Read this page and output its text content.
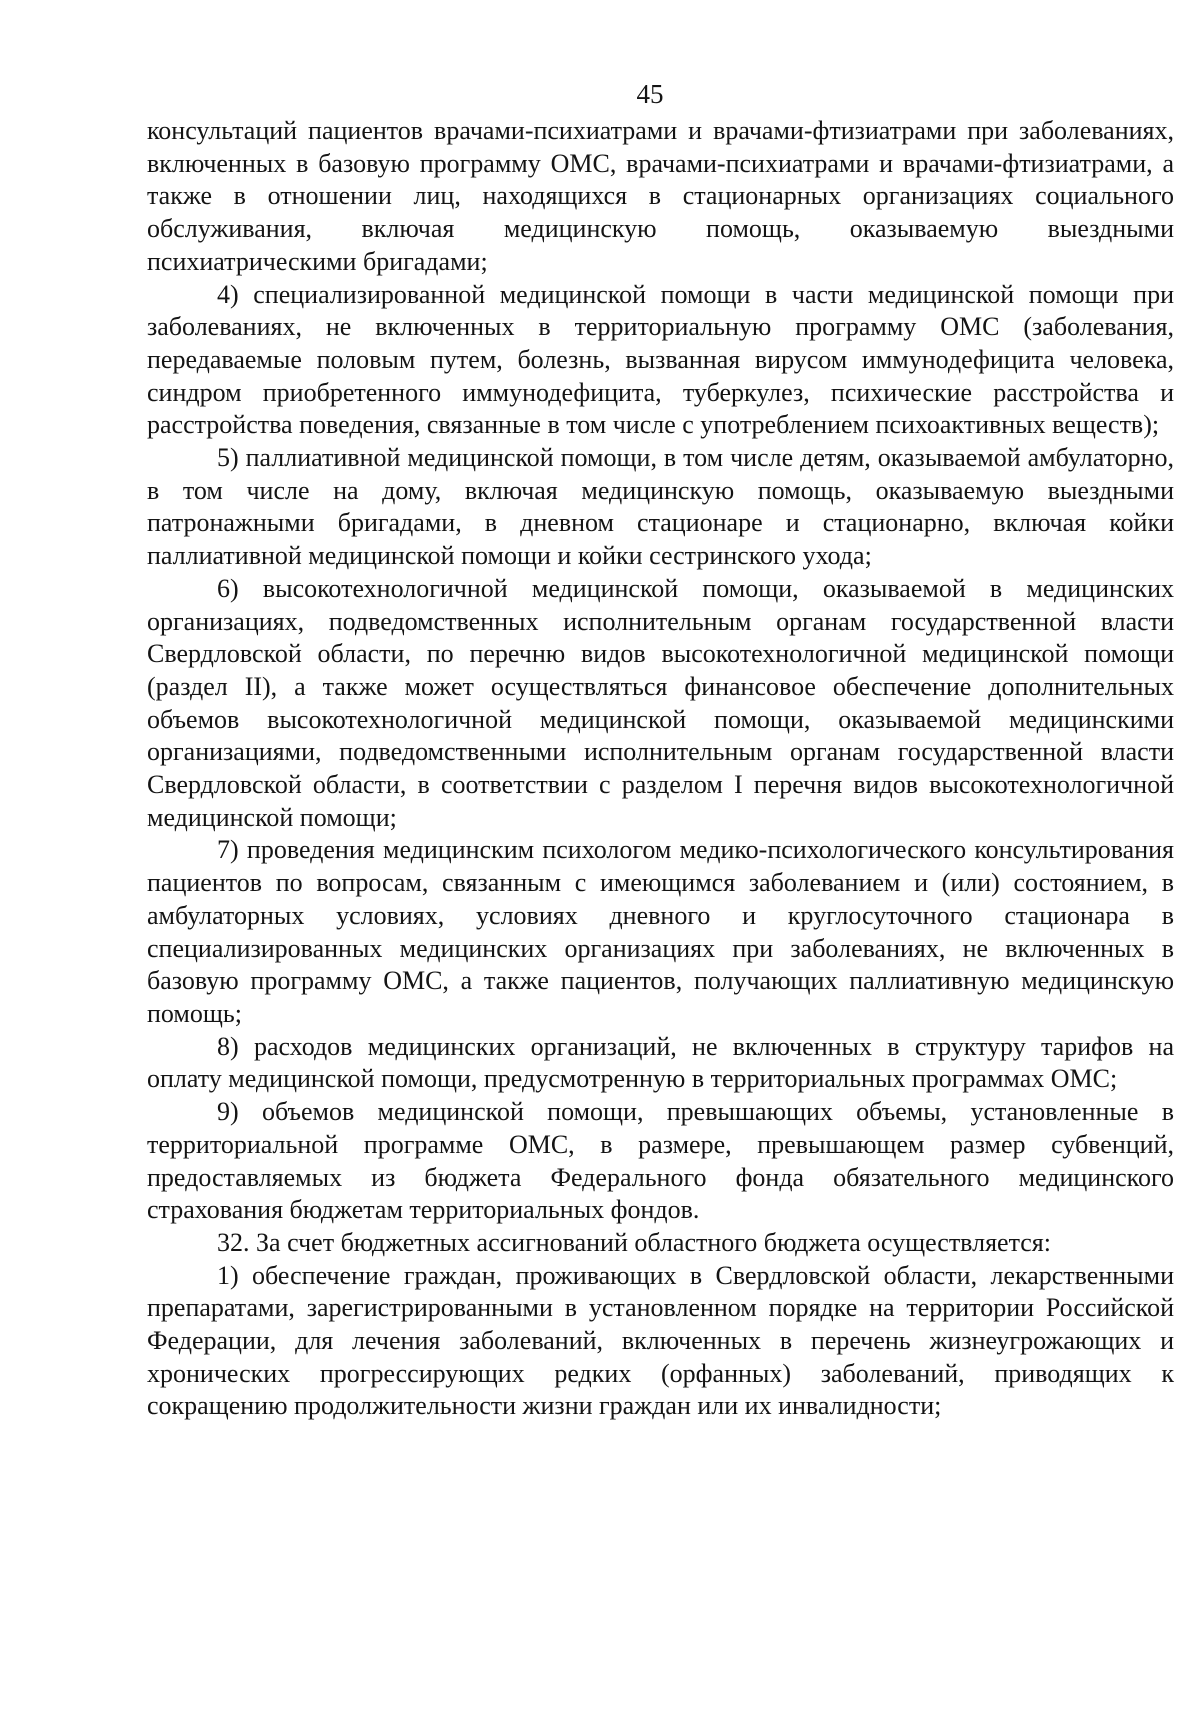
45

консультаций пациентов врачами-психиатрами и врачами-фтизиатрами при заболеваниях, включенных в базовую программу ОМС, врачами-психиатрами и врачами-фтизиатрами, а также в отношении лиц, находящихся в стационарных организациях социального обслуживания, включая медицинскую помощь, оказываемую выездными психиатрическими бригадами;

4) специализированной медицинской помощи в части медицинской помощи при заболеваниях, не включенных в территориальную программу ОМС (заболевания, передаваемые половым путем, болезнь, вызванная вирусом иммунодефицита человека, синдром приобретенного иммунодефицита, туберкулез, психические расстройства и расстройства поведения, связанные в том числе с употреблением психоактивных веществ);

5) паллиативной медицинской помощи, в том числе детям, оказываемой амбулаторно, в том числе на дому, включая медицинскую помощь, оказываемую выездными патронажными бригадами, в дневном стационаре и стационарно, включая койки паллиативной медицинской помощи и койки сестринского ухода;

6) высокотехнологичной медицинской помощи, оказываемой в медицинских организациях, подведомственных исполнительным органам государственной власти Свердловской области, по перечню видов высокотехнологичной медицинской помощи (раздел II), а также может осуществляться финансовое обеспечение дополнительных объемов высокотехнологичной медицинской помощи, оказываемой медицинскими организациями, подведомственными исполнительным органам государственной власти Свердловской области, в соответствии с разделом I перечня видов высокотехнологичной медицинской помощи;

7) проведения медицинским психологом медико-психологического консультирования пациентов по вопросам, связанным с имеющимся заболеванием и (или) состоянием, в амбулаторных условиях, условиях дневного и круглосуточного стационара в специализированных медицинских организациях при заболеваниях, не включенных в базовую программу ОМС, а также пациентов, получающих паллиативную медицинскую помощь;

8) расходов медицинских организаций, не включенных в структуру тарифов на оплату медицинской помощи, предусмотренную в территориальных программах ОМС;

9) объемов медицинской помощи, превышающих объемы, установленные в территориальной программе ОМС, в размере, превышающем размер субвенций, предоставляемых из бюджета Федерального фонда обязательного медицинского страхования бюджетам территориальных фондов.

32. За счет бюджетных ассигнований областного бюджета осуществляется:

1) обеспечение граждан, проживающих в Свердловской области, лекарственными препаратами, зарегистрированными в установленном порядке на территории Российской Федерации, для лечения заболеваний, включенных в перечень жизнеугрожающих и хронических прогрессирующих редких (орфанных) заболеваний, приводящих к сокращению продолжительности жизни граждан или их инвалидности;
